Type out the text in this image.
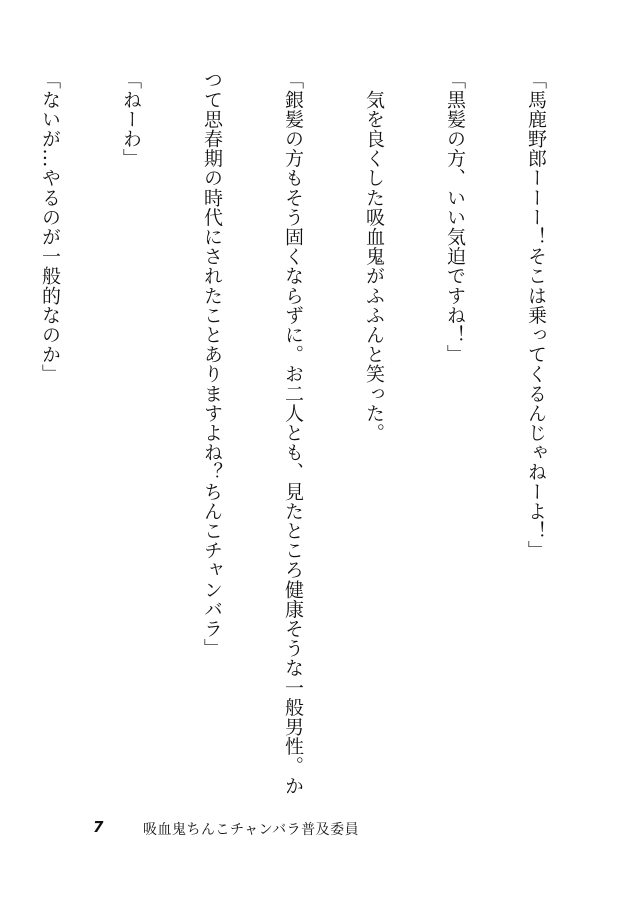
「馬鹿野郎ーーー！そこは乗ってくるんじゃねーよ！」

「黒髪の方、いい気迫ですね！」

　気を良くした吸血鬼がふふんと笑った。

「銀髪の方もそう固くならずに。お二人とも、見たところ健康そうな一般男性。か

つて思春期の時代にされたことありますよね？ちんこチャンバラ」

「ねーわ」

「ないが…やるのが一般的なのか」

7	吸血鬼ちんこチャンバラ普及委員
